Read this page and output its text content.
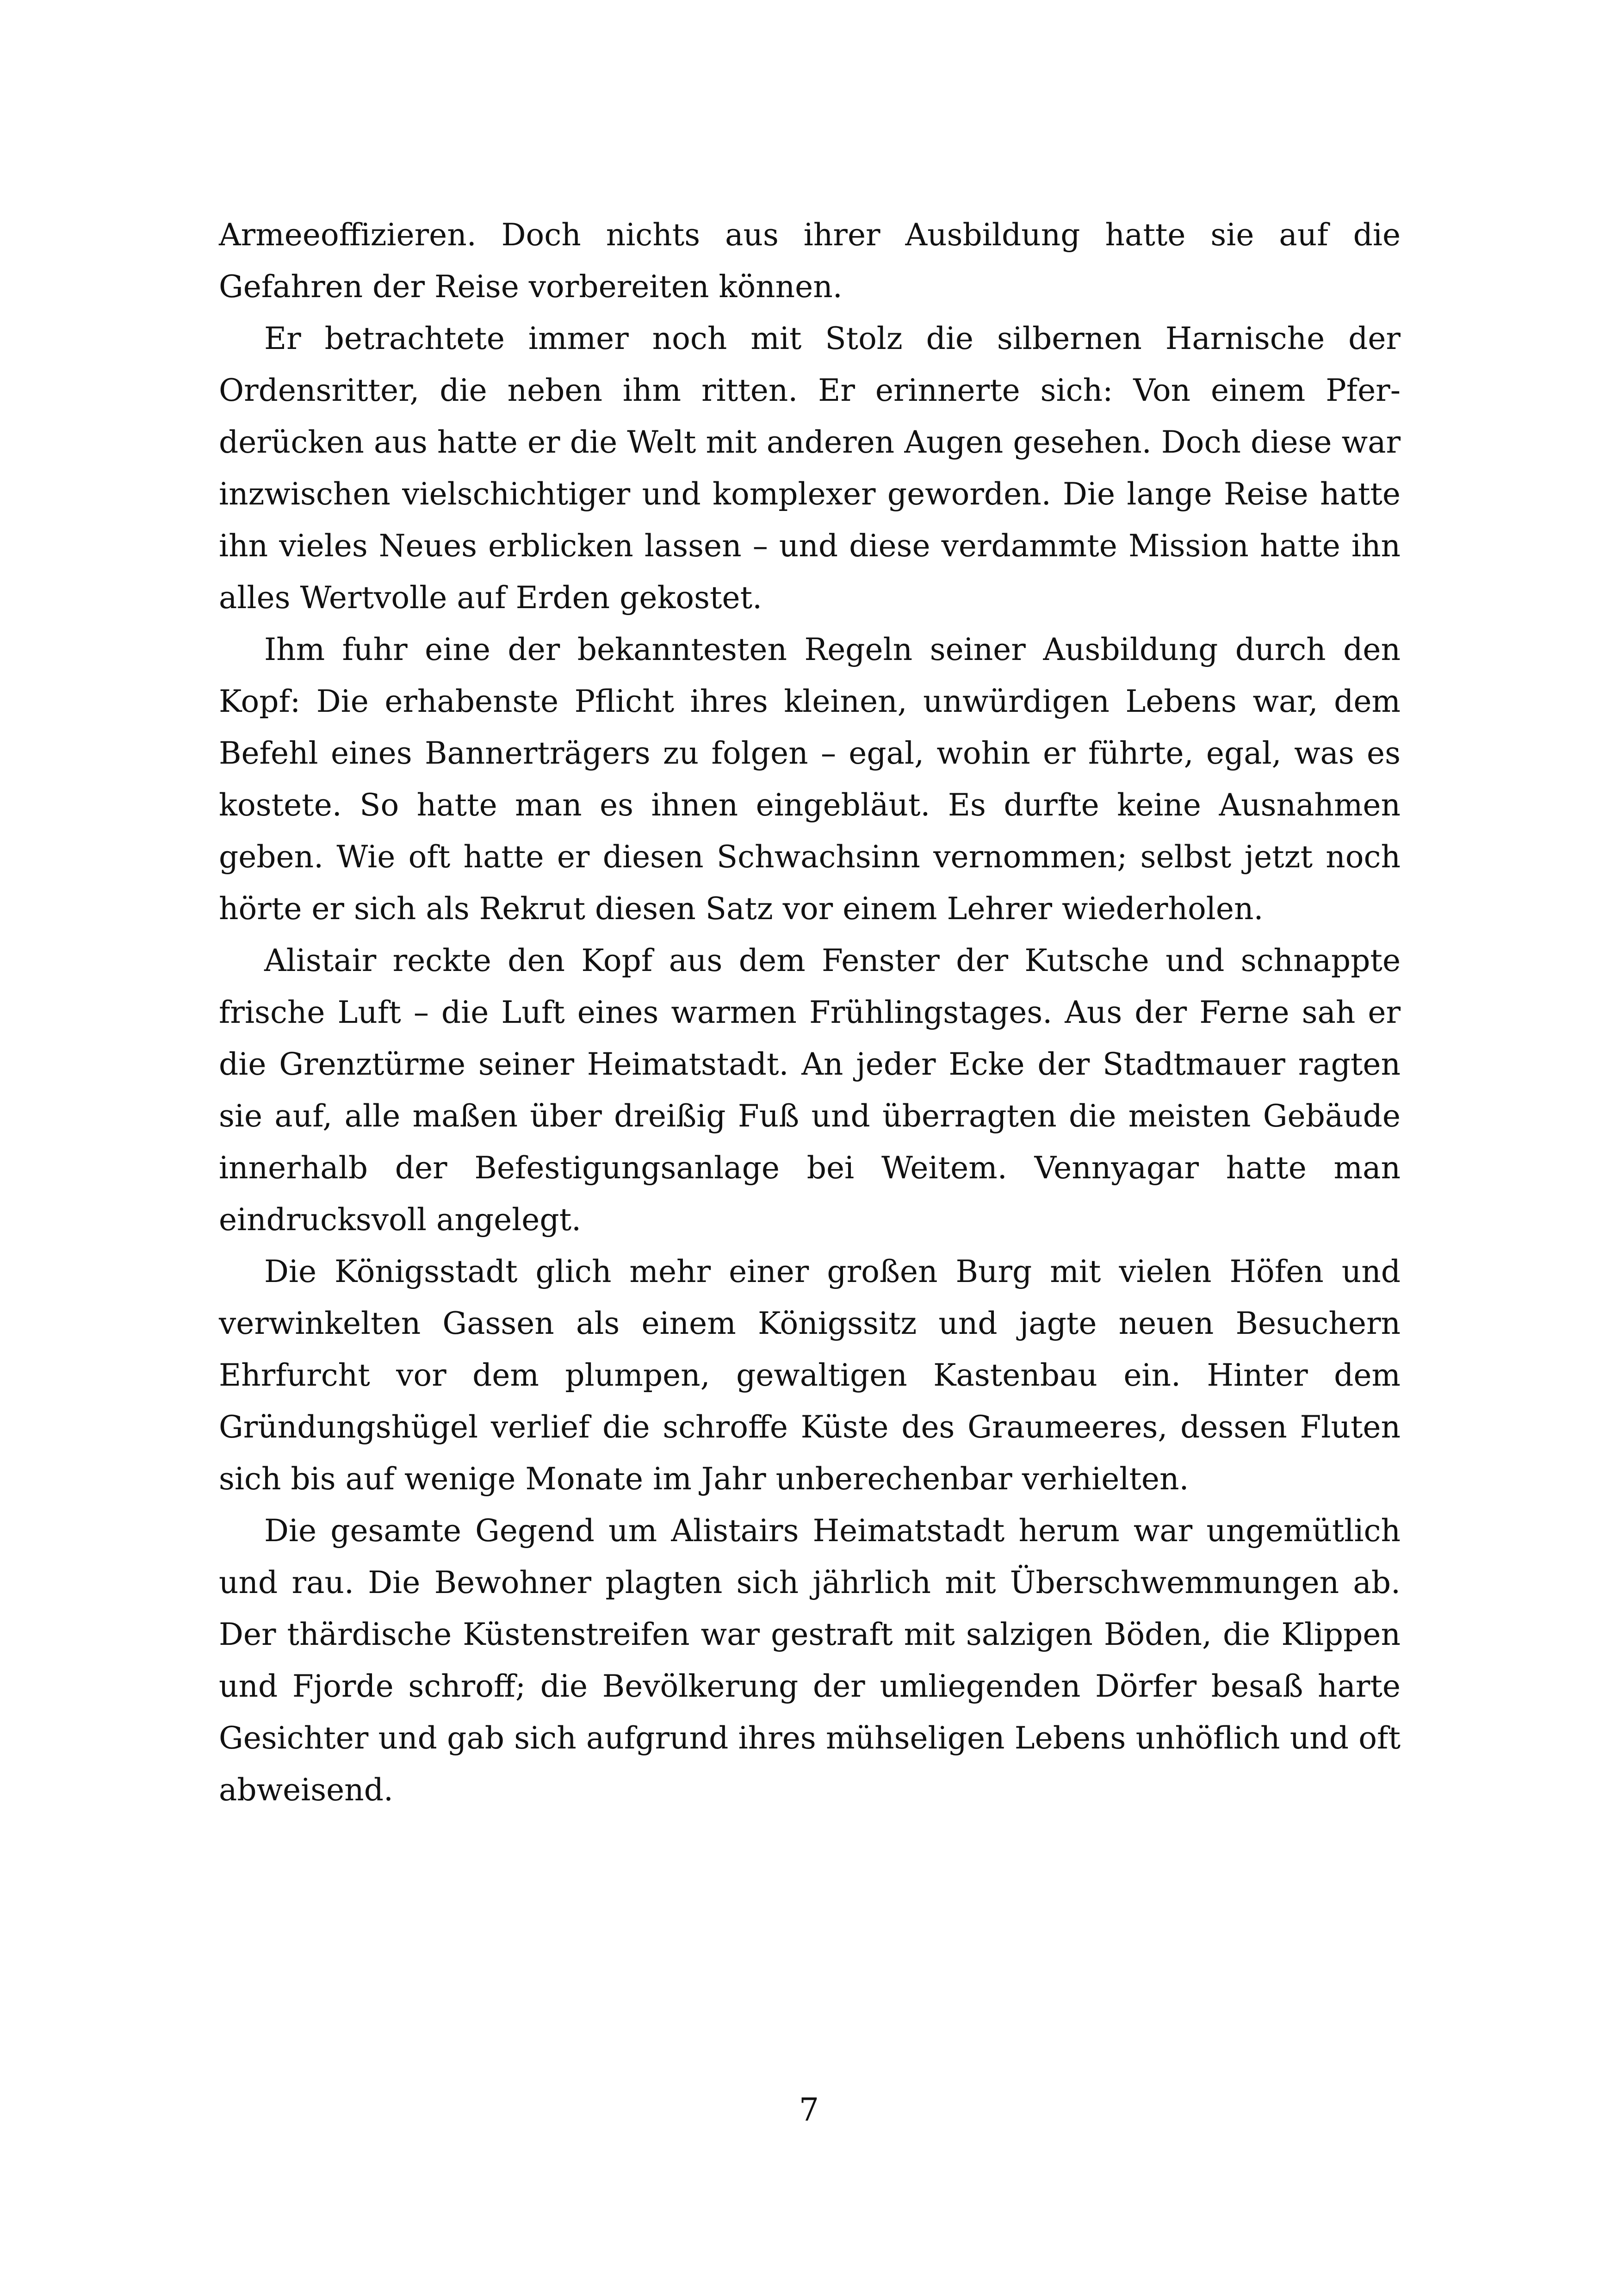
Armeeoffizieren. Doch nichts aus ihrer Ausbildung hatte sie auf die Gefahren der Reise vorbereiten können.

Er betrachtete immer noch mit Stolz die silbernen Harnische der Ordensritter, die neben ihm ritten. Er erinnerte sich: Von einem Pferderücken aus hatte er die Welt mit anderen Augen gesehen. Doch diese war inzwischen vielschichtiger und komplexer geworden. Die lange Reise hatte ihn vieles Neues erblicken lassen – und diese verdammte Mission hatte ihn alles Wertvolle auf Erden gekostet.

Ihm fuhr eine der bekanntesten Regeln seiner Ausbildung durch den Kopf: Die erhabenste Pflicht ihres kleinen, unwürdigen Lebens war, dem Befehl eines Bannerträgers zu folgen – egal, wohin er führte, egal, was es kostete. So hatte man es ihnen eingebläut. Es durfte keine Ausnahmen geben. Wie oft hatte er diesen Schwachsinn vernommen; selbst jetzt noch hörte er sich als Rekrut diesen Satz vor einem Lehrer wiederholen.

Alistair reckte den Kopf aus dem Fenster der Kutsche und schnappte frische Luft – die Luft eines warmen Frühlingstages. Aus der Ferne sah er die Grenztürme seiner Heimatstadt. An jeder Ecke der Stadtmauer ragten sie auf, alle maßen über dreißig Fuß und überragten die meisten Gebäude innerhalb der Befestigungsanlage bei Weitem. Vennyagar hatte man eindrucksvoll angelegt.

Die Königsstadt glich mehr einer großen Burg mit vielen Höfen und verwinkelten Gassen als einem Königssitz und jagte neuen Besuchern Ehrfurcht vor dem plumpen, gewaltigen Kastenbau ein. Hinter dem Gründungshügel verlief die schroffe Küste des Graumeeres, dessen Fluten sich bis auf wenige Monate im Jahr unberechenbar verhielten.

Die gesamte Gegend um Alistairs Heimatstadt herum war ungemütlich und rau. Die Bewohner plagten sich jährlich mit Überschwemmungen ab. Der thärdische Küstenstreifen war gestraft mit salzigen Böden, die Klippen und Fjorde schroff; die Bevölkerung der umliegenden Dörfer besaß harte Gesichter und gab sich aufgrund ihres mühseligen Lebens unhöflich und oft abweisend.

7
